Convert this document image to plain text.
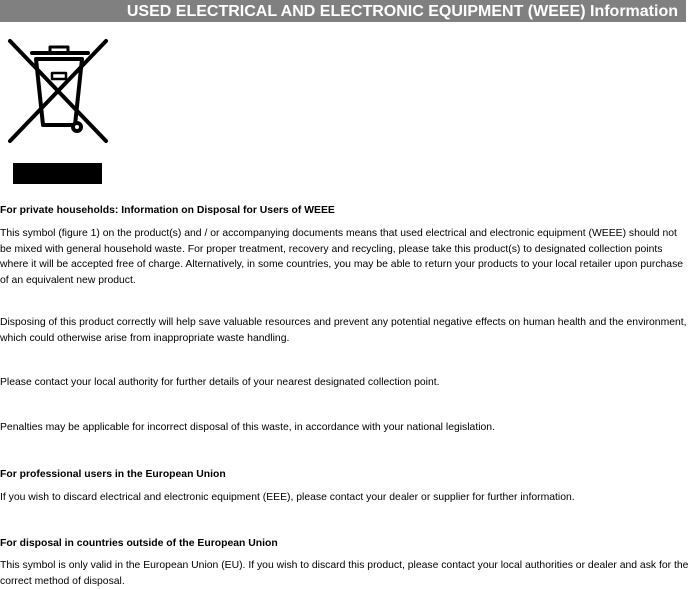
USED ELECTRICAL AND ELECTRONIC EQUIPMENT (WEEE) Information

For private households: Information on Disposal for Users of WEEE

This symbol (figure 1) on the product(s) and / or accompanying documents means that used electrical and electronic equipment (WEEE) should not be mixed with general household waste. For proper treatment, recovery and recycling, please take this product(s) to designated collection points where it will be accepted free of charge. Alternatively, in some countries, you may be able to return your products to your local retailer upon purchase of an equivalent new product.

Disposing of this product correctly will help save valuable resources and prevent any potential negative effects on human health and the environment, which could otherwise arise from inappropriate waste handling.

Please contact your local authority for further details of your nearest designated collection point.

Penalties may be applicable for incorrect disposal of this waste, in accordance with your national legislation.

For professional users in the European Union

If you wish to discard electrical and electronic equipment (EEE), please contact your dealer or supplier for further information.

For disposal in countries outside of the European Union

This symbol is only valid in the European Union (EU). If you wish to discard this product, please contact your local authorities or dealer and ask for the correct method of disposal.
